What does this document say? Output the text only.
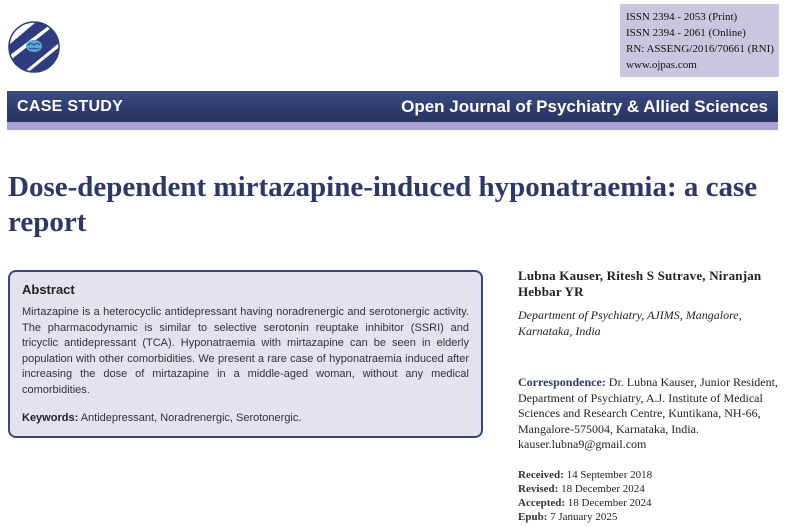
ISSN 2394 - 2053 (Print)
ISSN 2394 - 2061 (Online)
RN: ASSENG/2016/70661 (RNI)
www.ojpas.com
CASE STUDY	Open Journal of Psychiatry & Allied Sciences
Dose-dependent mirtazapine-induced hyponatraemia: a case report

Abstract

Mirtazapine is a heterocyclic antidepressant having noradrenergic and serotonergic activity. The pharmacodynamic is similar to selective serotonin reuptake inhibitor (SSRI) and tricyclic antidepressant (TCA). Hyponatraemia with mirtazapine can be seen in elderly population with other comorbidities. We present a rare case of hyponatraemia induced after increasing the dose of mirtazapine in a middle-aged woman, without any medical comorbidities.

Keywords: Antidepressant, Noradrenergic, Serotonergic.
Lubna Kauser, Ritesh S Sutrave, Niranjan Hebbar YR
Department of Psychiatry, AJIMS, Mangalore, Karnataka, India
Correspondence: Dr. Lubna Kauser, Junior Resident, Department of Psychiatry, A.J. Institute of Medical Sciences and Research Centre, Kuntikana, NH-66, Mangalore-575004, Karnataka, India. kauser.lubna9@gmail.com
Received: 14 September 2018
Revised: 18 December 2024
Accepted: 18 December 2024
Epub: 7 January 2025
